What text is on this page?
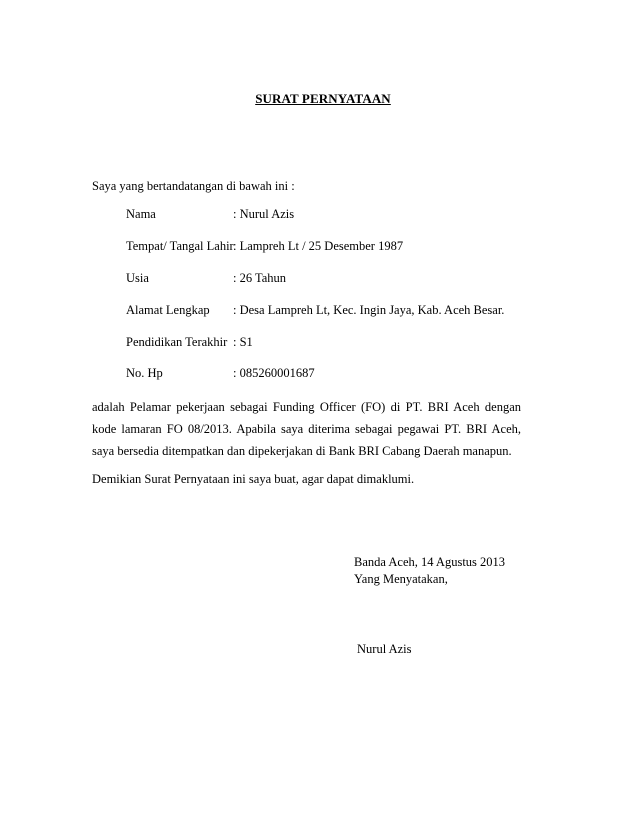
SURAT PERNYATAAN
Saya yang bertandatangan di bawah ini :
Nama	: Nurul Azis
Tempat/ Tangal Lahir: Lampreh Lt / 25 Desember 1987
Usia	: 26 Tahun
Alamat Lengkap : Desa Lampreh Lt, Kec. Ingin Jaya, Kab. Aceh Besar.
Pendidikan Terakhir : S1
No. Hp	: 085260001687
adalah Pelamar pekerjaan sebagai Funding Officer (FO) di PT. BRI Aceh dengan
kode lamaran FO 08/2013. Apabila saya diterima sebagai pegawai PT. BRI Aceh,
saya bersedia ditempatkan dan dipekerjakan di Bank BRI Cabang Daerah manapun.
Demikian Surat Pernyataan ini saya buat, agar dapat dimaklumi.
Banda Aceh, 14 Agustus 2013
Yang Menyatakan,
Nurul Azis
